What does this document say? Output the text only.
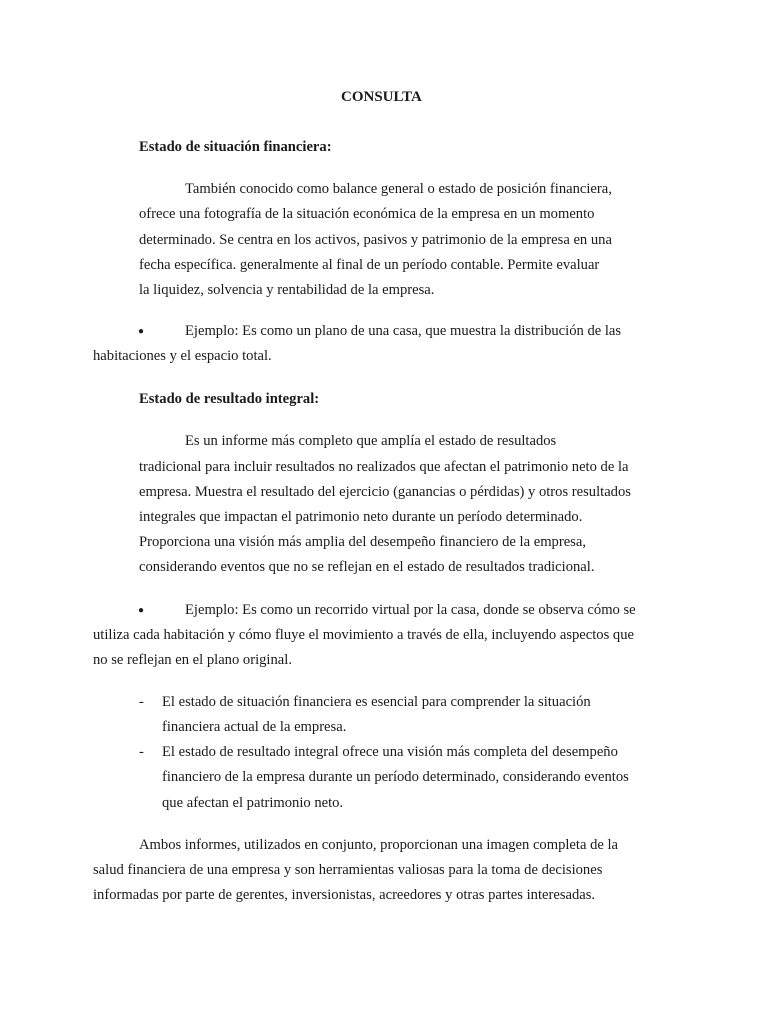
CONSULTA
Estado de situación financiera:
También conocido como balance general o estado de posición financiera,
ofrece una fotografía de la situación económica de la empresa en un momento
determinado. Se centra en los activos, pasivos y patrimonio de la empresa en una
fecha específica. generalmente al final de un período contable. Permite evaluar
la liquidez, solvencia y rentabilidad de la empresa.
●	Ejemplo: Es como un plano de una casa, que muestra la distribución de las
habitaciones y el espacio total.
Estado de resultado integral:
Es un informe más completo que amplía el estado de resultados
tradicional para incluir resultados no realizados que afectan el patrimonio neto de la
empresa. Muestra el resultado del ejercicio (ganancias o pérdidas) y otros resultados
integrales que impactan el patrimonio neto durante un período determinado.
Proporciona una visión más amplia del desempeño financiero de la empresa,
considerando eventos que no se reflejan en el estado de resultados tradicional.
●	Ejemplo: Es como un recorrido virtual por la casa, donde se observa cómo se
utiliza cada habitación y cómo fluye el movimiento a través de ella, incluyendo aspectos que
no se reflejan en el plano original.
- El estado de situación financiera es esencial para comprender la situación
financiera actual de la empresa.
- El estado de resultado integral ofrece una visión más completa del desempeño
financiero de la empresa durante un período determinado, considerando eventos
que afectan el patrimonio neto.
Ambos informes, utilizados en conjunto, proporcionan una imagen completa de la
salud financiera de una empresa y son herramientas valiosas para la toma de decisiones
informadas por parte de gerentes, inversionistas, acreedores y otras partes interesadas.
